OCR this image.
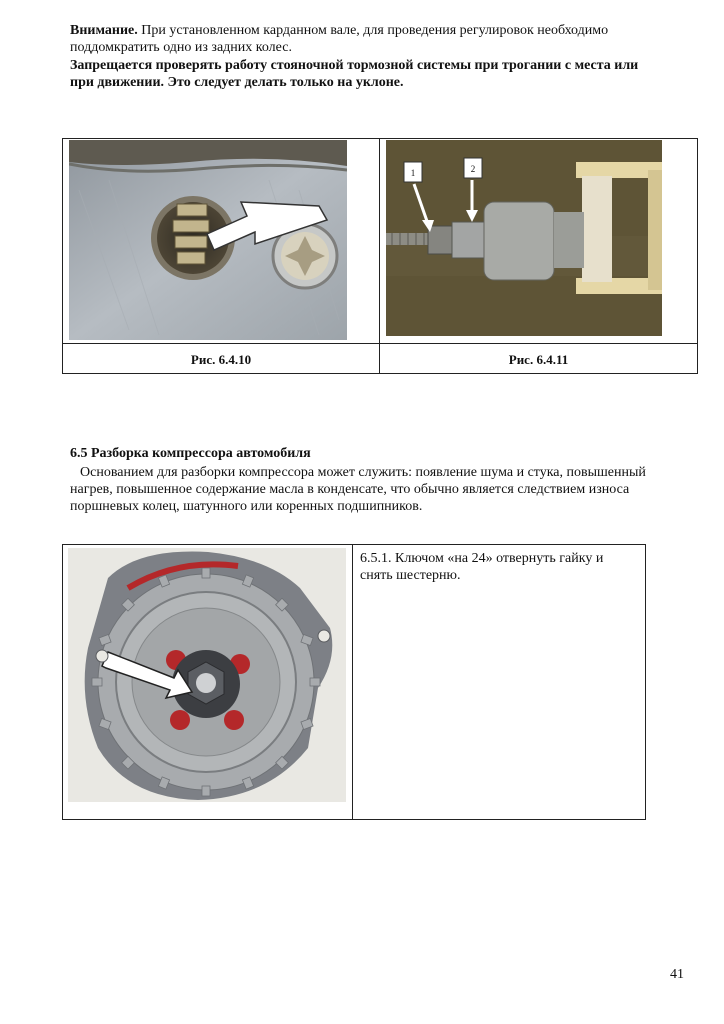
Внимание. При установленном карданном вале, для проведения регулировок необходимо
поддомкратить одно из задних колес.
Запрещается проверять работу стояночной тормозной системы при трогании с места или
при движении. Это следует делать только на уклоне.
1	2
Рис. 6.4.10	Рис. 6.4.11
6.5 Разборка компрессора автомобиля
Основанием для разборки компрессора может служить: появление шума и стука, повышенный
нагрев, повышенное содержание масла в конденсате, что обычно является следствием износа
поршневых колец, шатунного или коренных подшипников.
6.5.1. Ключом «на 24» отвернуть гайку и
снять шестерню.
41
